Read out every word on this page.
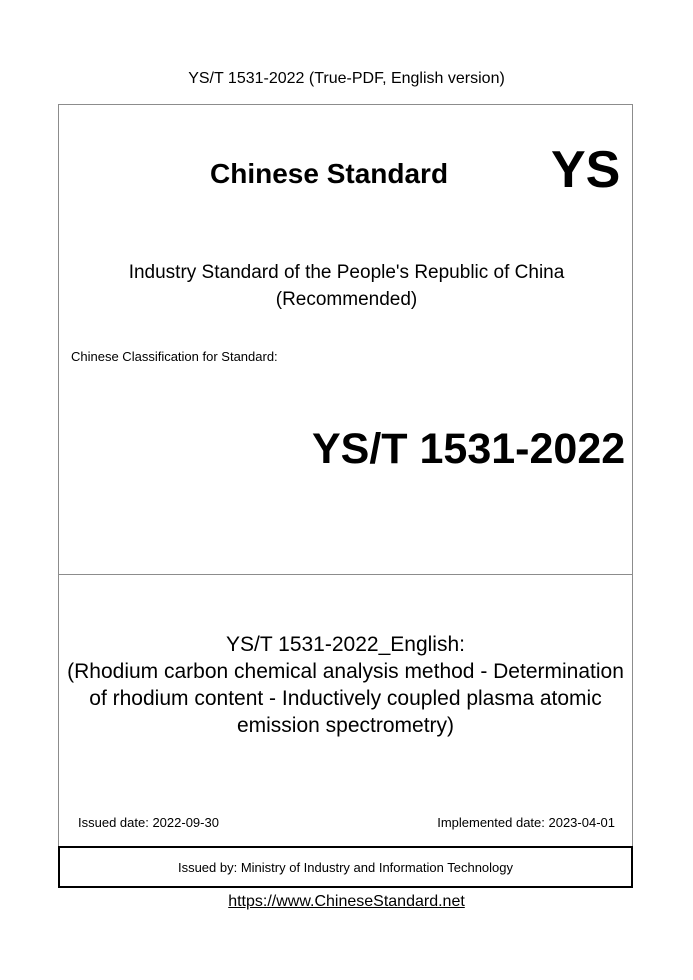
YS/T 1531-2022 (True-PDF, English version)
Chinese Standard YS
Industry Standard of the People's Republic of China
(Recommended)
Chinese Classification for Standard:
YS/T 1531-2022
YS/T 1531-2022_English:
(Rhodium carbon chemical analysis method - Determination
of rhodium content - Inductively coupled plasma atomic
emission spectrometry)
Issued date: 2022-09-30	Implemented date: 2023-04-01
Issued by: Ministry of Industry and Information Technology
https://www.ChineseStandard.net
